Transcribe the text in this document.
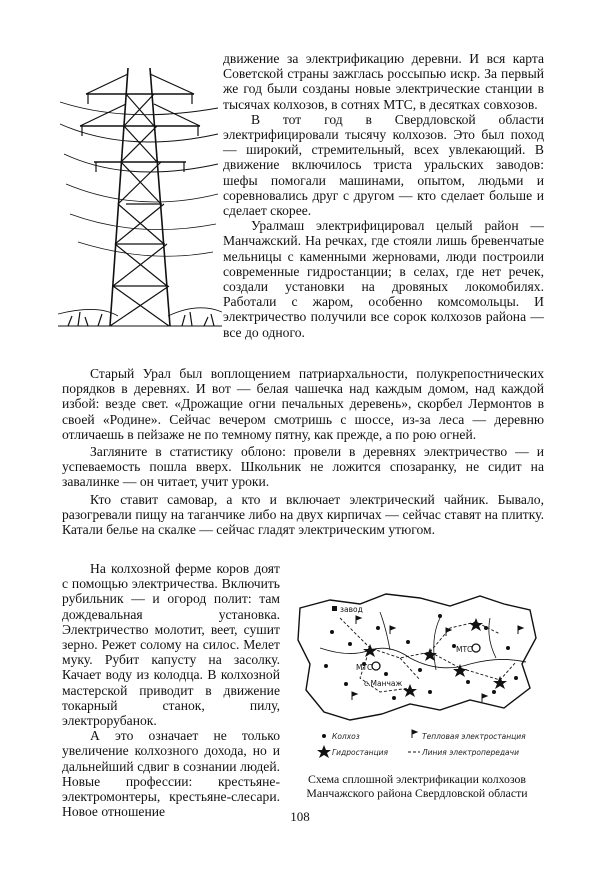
движение за электрификацию деревни. И вся карта Советской страны зажглась россыпью искр. За первый же год были созданы новые электрические станции в тысячах колхозов, в сотнях МТС, в десятках совхозов.

В тот год в Свердловской области электрифицировали тысячу колхозов. Это был поход — широкий, стремительный, всех увлекающий. В движение включилось триста уральских заводов: шефы помогали машинами, опытом, людьми и соревновались друг с другом — кто сделает больше и сделает скорее.

Уралмаш электрифицировал целый район — Манчажский. На речках, где стояли лишь бревенчатые мельницы с каменными жерновами, люди построили современные гидростанции; в селах, где нет речек, создали установки на дровяных локомобилях. Работали с жаром, особенно комсомольцы. И электричество получили все сорок колхозов района — все до одного.

Старый Урал был воплощением патриархальности, полукрепостнических порядков в деревнях. И вот — белая чашечка над каждым домом, над каждой избой: везде свет. «Дрожащие огни печальных деревень», скорбел Лермонтов в своей «Родине». Сейчас вечером смотришь с шоссе, из-за леса — деревню отличаешь в пейзаже не по темному пятну, как прежде, а по рою огней.

Загляните в статистику облоно: провели в деревнях электричество — и успеваемость пошла вверх. Школьник не ложится спозаранку, не сидит на завалинке — он читает, учит уроки.

Кто ставит самовар, а кто и включает электрический чайник. Бывало, разогревали пищу на таганчике либо на двух кирпичах — сейчас ставят на плитку. Катали белье на скалке — сейчас гладят электрическим утюгом.

На колхозной ферме коров доят с помощью электричества. Включить рубильник — и огород полит: там дождевальная установка. Электричество молотит, веет, сушит зерно. Режет солому на силос. Мелет муку. Рубит капусту на засолку. Качает воду из колодца. В колхозной мастерской приводит в движение токарный станок, пилу, электрорубанок.

А это означает не только увеличение колхозного дохода, но и дальнейший сдвиг в сознании людей. Новые профессии: крестьяне-электромонтеры, крестьяне-слесари. Новое отношение

завод
МТС
МТС
с.Манчаж
Колхоз	Тепловая электростанция
Гидростанция	Линия электропередачи
Схема сплошной электрификации колхозов Манчажского района Свердловской области
108
